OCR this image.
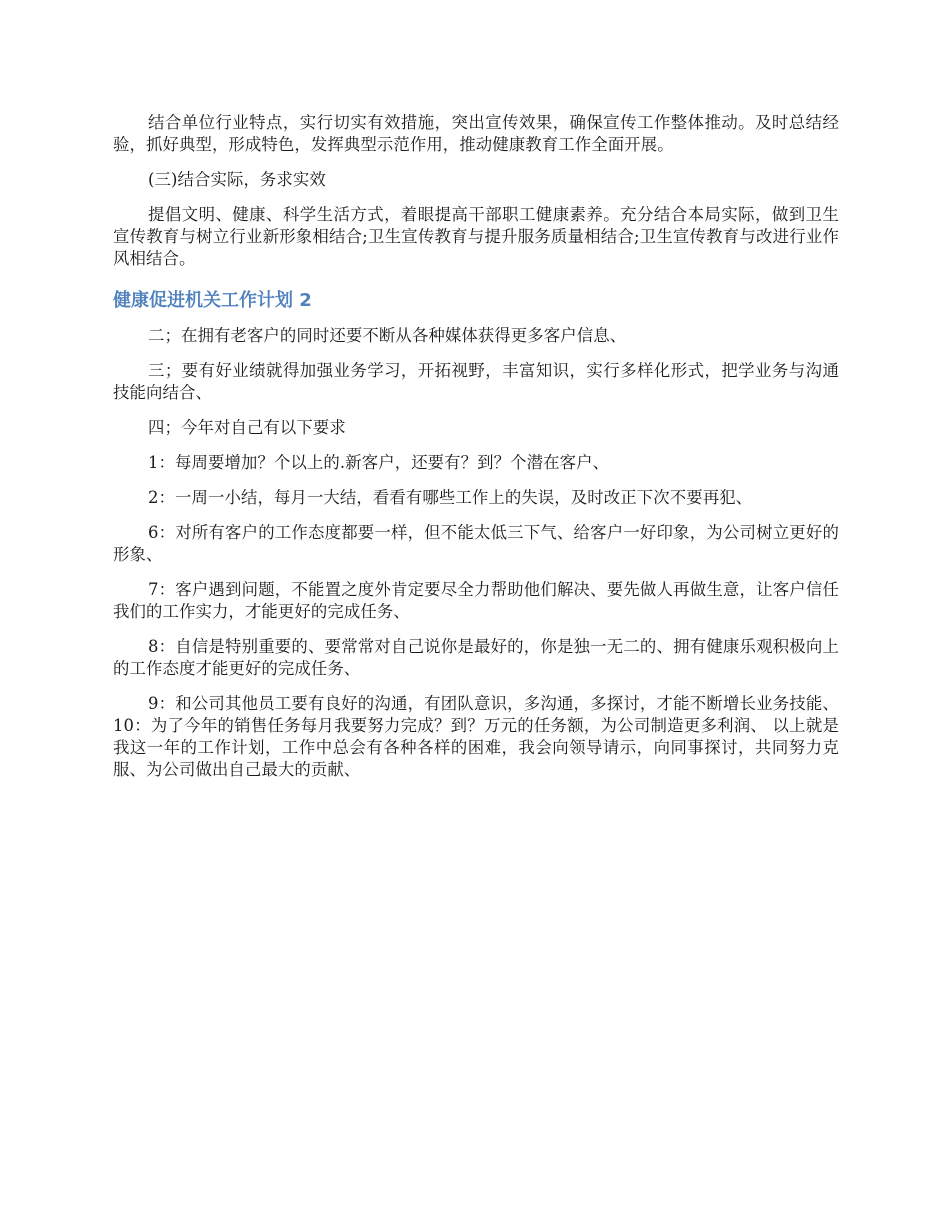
结合单位行业特点，实行切实有效措施，突出宣传效果，确保宣传工作整体推动。及时总结经验，抓好典型，形成特色，发挥典型示范作用，推动健康教育工作全面开展。

(三)结合实际，务求实效

提倡文明、健康、科学生活方式，着眼提高干部职工健康素养。充分结合本局实际，做到卫生宣传教育与树立行业新形象相结合;卫生宣传教育与提升服务质量相结合;卫生宣传教育与改进行业作风相结合。

健康促进机关工作计划 2

二；在拥有老客户的同时还要不断从各种媒体获得更多客户信息、

三；要有好业绩就得加强业务学习，开拓视野，丰富知识，实行多样化形式，把学业务与沟通技能向结合、

四；今年对自己有以下要求

1：每周要增加？个以上的.新客户，还要有？到？个潜在客户、

2：一周一小结，每月一大结，看看有哪些工作上的失误，及时改正下次不要再犯、

6：对所有客户的工作态度都要一样，但不能太低三下气、给客户一好印象，为公司树立更好的形象、

7：客户遇到问题，不能置之度外肯定要尽全力帮助他们解决、要先做人再做生意，让客户信任我们的工作实力，才能更好的完成任务、

8：自信是特别重要的、要常常对自己说你是最好的，你是独一无二的、拥有健康乐观积极向上的工作态度才能更好的完成任务、

9：和公司其他员工要有良好的沟通，有团队意识，多沟通，多探讨，才能不断增长业务技能、 10：为了今年的销售任务每月我要努力完成？到？万元的任务额，为公司制造更多利润、 以上就是我这一年的工作计划，工作中总会有各种各样的困难，我会向领导请示，向同事探讨，共同努力克服、为公司做出自己最大的贡献、
